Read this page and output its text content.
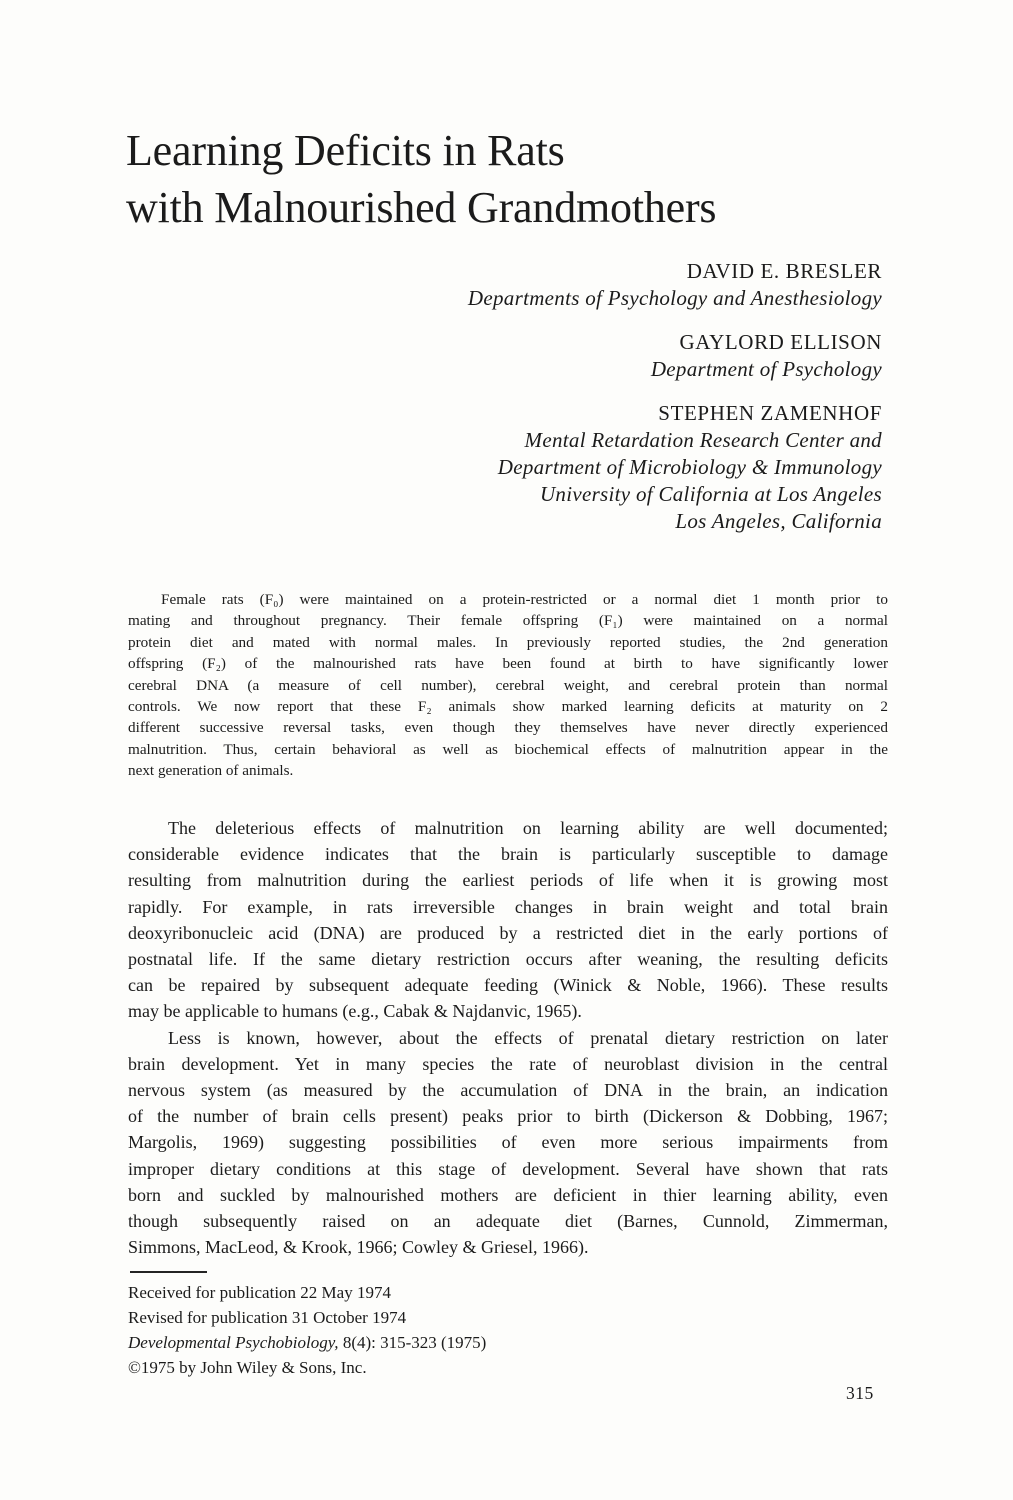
Learning Deficits in Rats
with Malnourished Grandmothers
DAVID E. BRESLER
Departments of Psychology and Anesthesiology
GAYLORD ELLISON
Department of Psychology
STEPHEN ZAMENHOF
Mental Retardation Research Center and
Department of Microbiology & Immunology
University of California at Los Angeles
Los Angeles, California
Female rats (F₀) were maintained on a protein-restricted or a normal diet 1 month prior to
mating and throughout pregnancy. Their female offspring (F₁) were maintained on a normal
protein diet and mated with normal males. In previously reported studies, the 2nd generation
offspring (F₂) of the malnourished rats have been found at birth to have significantly lower
cerebral DNA (a measure of cell number), cerebral weight, and cerebral protein than normal
controls. We now report that these F₂ animals show marked learning deficits at maturity on 2
different successive reversal tasks, even though they themselves have never directly experienced
malnutrition. Thus, certain behavioral as well as biochemical effects of malnutrition appear in the
next generation of animals.
The deleterious effects of malnutrition on learning ability are well documented;
considerable evidence indicates that the brain is particularly susceptible to damage
resulting from malnutrition during the earliest periods of life when it is growing most
rapidly. For example, in rats irreversible changes in brain weight and total brain
deoxyribonucleic acid (DNA) are produced by a restricted diet in the early portions of
postnatal life. If the same dietary restriction occurs after weaning, the resulting deficits
can be repaired by subsequent adequate feeding (Winick & Noble, 1966). These results
may be applicable to humans (e.g., Cabak & Najdanvic, 1965).
Less is known, however, about the effects of prenatal dietary restriction on later
brain development. Yet in many species the rate of neuroblast division in the central
nervous system (as measured by the accumulation of DNA in the brain, an indication
of the number of brain cells present) peaks prior to birth (Dickerson & Dobbing, 1967;
Margolis, 1969) suggesting possibilities of even more serious impairments from
improper dietary conditions at this stage of development. Several have shown that rats
born and suckled by malnourished mothers are deficient in thier learning ability, even
though subsequently raised on an adequate diet (Barnes, Cunnold, Zimmerman,
Simmons, MacLeod, & Krook, 1966; Cowley & Griesel, 1966).
Received for publication 22 May 1974
Revised for publication 31 October 1974
Developmental Psychobiology, 8(4): 315-323 (1975)
©1975 by John Wiley & Sons, Inc.
315
